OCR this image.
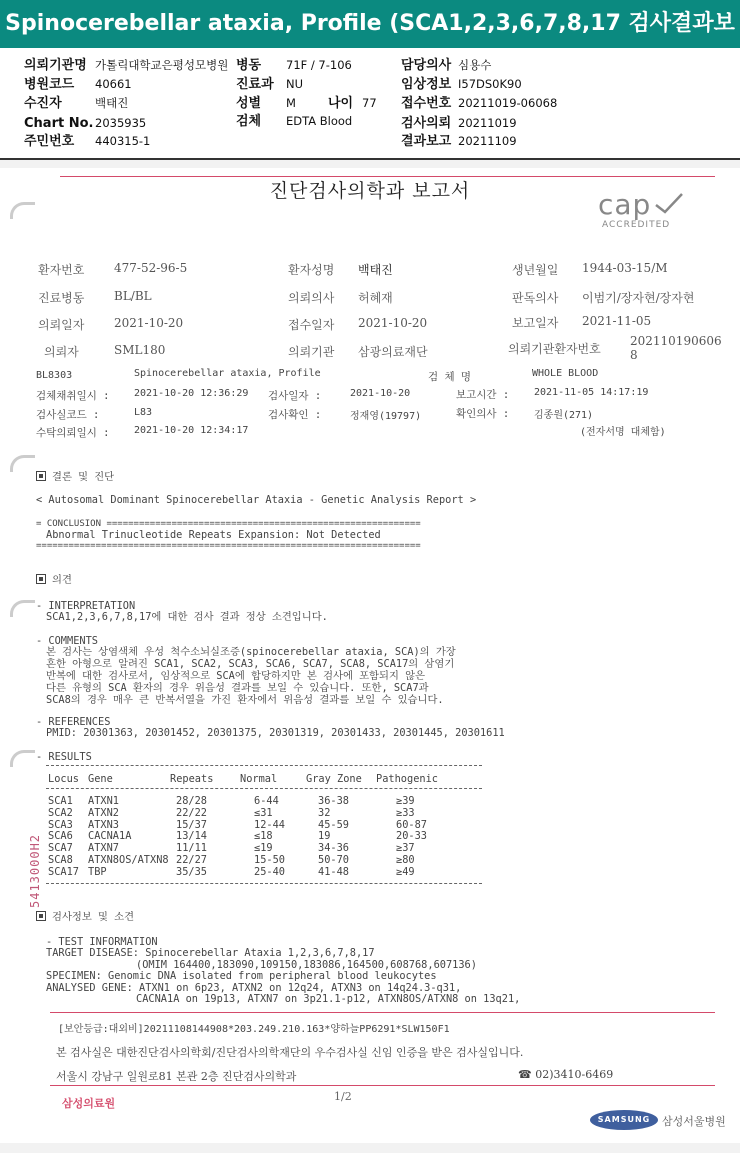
Spinocerebellar ataxia, Profile (SCA1,2,3,6,7,8,17 검사결과보
의뢰기관명 가톨릭대학교은평성모병원 병동 71F / 7-106	담당의사 심용수
병원코드 40661	진료과 NU	임상정보 I57DS0K90
수진자	백태진	성별 M 나이 77 접수번호 20211019-06068
Chart No. 2035935	검체 EDTA Blood	검사의뢰 20211019
주민번호 440315-1	결과보고 20211109
진단검사의학과 보고서	cap
ACCREDITED
환자번호 477-52-96-5	환자성명 백태진	생년월일 1944-03-15/M
진료병동 BL/BL	의뢰의사 허혜재	판독의사 이범기/장자현/장자현
의뢰일자 2021-10-20	접수일자 2021-10-20	보고일자 2021-11-05
의뢰자	SML180	의뢰기관 삼광의료재단	의뢰기관환자번호
202110190606
8
BL8303	Spinocerebellar ataxia, Profile	검 체 명	WHOLE BLOOD
검체채취일시 : 2021-10-20 12:36:29 검사일자 :	2021-10-20	보고시간 : 2021-11-05 14:17:19
검사실코드 :	L83	검사확인 :	정재영(19797)	확인의사 : 김종원(271)
수탁의뢰일시 : 2021-10-20 12:34:17	(전자서명 대체함)
결론 및 진단
< Autosomal Dominant Spinocerebellar Ataxia - Genetic Analysis Report >
= CONCLUSION ==========================================================
Abnormal Trinucleotide Repeats Expansion: Not Detected
=======================================================================
의견
- INTERPRETATION
SCA1,2,3,6,7,8,17에 대한 검사 결과 정상 소견입니다.
- COMMENTS
본 검사는 상염색체 우성 척수소뇌실조증(spinocerebellar ataxia, SCA)의 가장
흔한 아형으로 알려진 SCA1, SCA2, SCA3, SCA6, SCA7, SCA8, SCA17의 삼염기
반복에 대한 검사로서, 임상적으로 SCA에 합당하지만 본 검사에 포함되지 않은
다른 유형의 SCA 환자의 경우 위음성 결과를 보일 수 있습니다. 또한, SCA7과
SCA8의 경우 매우 큰 반복서열을 가진 환자에서 위음성 결과를 보일 수 있습니다.
- REFERENCES
PMID: 20301363, 20301452, 20301375, 20301319, 20301433, 20301445, 20301611
- RESULTS
Locus Gene	Repeats	Normal	Gray Zone Pathogenic
SCA1 ATXN1	28/28	6-44	36-38	≥39
SCA2 ATXN2	22/22	≤31	32	≥33
SCA3 ATXN3	15/37	12-44	45-59	60-87
SCA6 CACNA1A	13/14	≤18	19	20-33
SCA7 ATXN7	11/11	≤19	34-36	≥37
SCA8 ATXN8OS/ATXN8 22/27	15-50	50-70	≥80
SCA17 TBP	35/35	25-40	41-48	≥49
검사정보 및 소견
- TEST INFORMATION
TARGET DISEASE: Spinocerebellar Ataxia 1,2,3,6,7,8,17
(OMIM 164400,183090,109150,183086,164500,608768,607136)
SPECIMEN: Genomic DNA isolated from peripheral blood leukocytes
ANALYSED GENE: ATXN1 on 6p23, ATXN2 on 12q24, ATXN3 on 14q24.3-q31,
CACNA1A on 19p13, ATXN7 on 3p21.1-p12, ATXN8OS/ATXN8 on 13q21,
5413000H2
[보안등급:대외비]20211108144908*203.249.210.163*양하늘PP6291*SLW150F1
본 검사실은 대한진단검사의학회/진단검사의학재단의 우수검사실 신임 인증을 받은 검사실입니다.
서울시 강남구 일원로81 본관 2층 진단검사의학과	☎ 02)3410-6469
삼성의료원
1/2
SAMSUNG	삼성서울병원
